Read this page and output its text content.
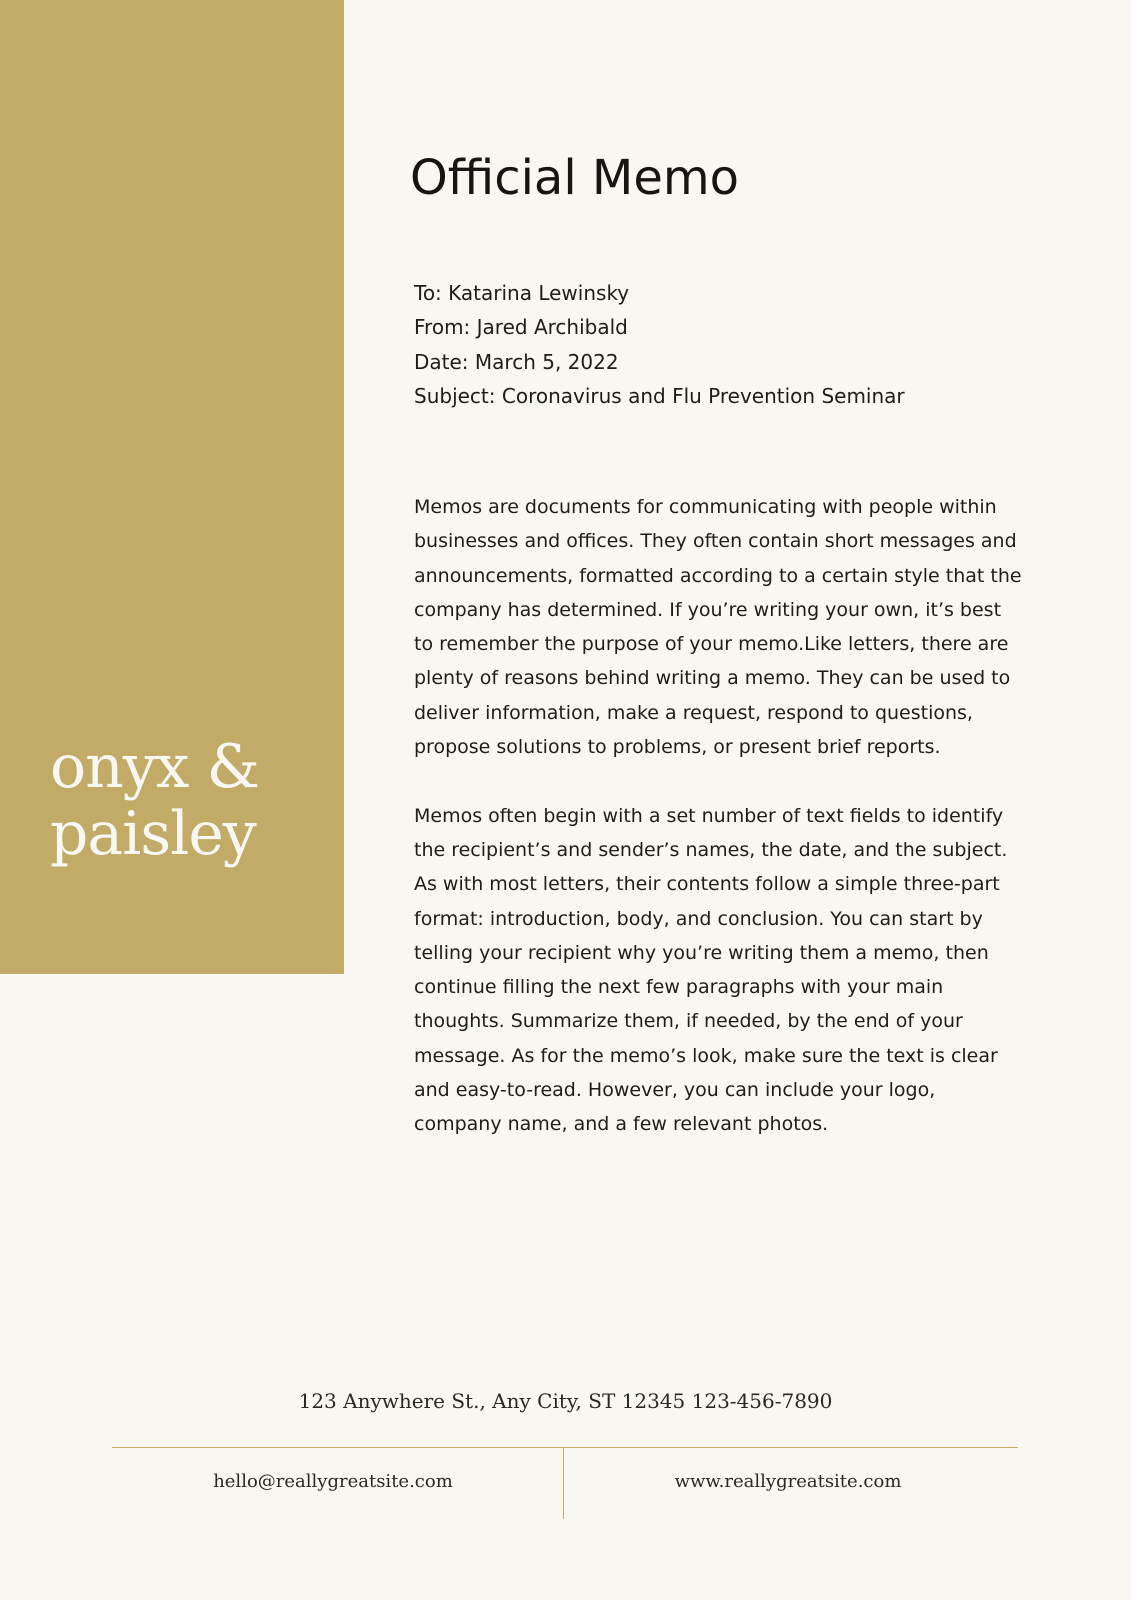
onyx &
paisley
Official Memo
To: Katarina Lewinsky
From: Jared Archibald
Date: March 5, 2022
Subject: Coronavirus and Flu Prevention Seminar

Memos are documents for communicating with people within businesses and offices. They often contain short messages and announcements, formatted according to a certain style that the company has determined. If you’re writing your own, it’s best to remember the purpose of your memo.Like letters, there are plenty of reasons behind writing a memo. They can be used to deliver information, make a request, respond to questions, propose solutions to problems, or present brief reports.

Memos often begin with a set number of text fields to identify the recipient’s and sender’s names, the date, and the subject. As with most letters, their contents follow a simple three-part format: introduction, body, and conclusion. You can start by telling your recipient why you’re writing them a memo, then continue filling the next few paragraphs with your main thoughts. Summarize them, if needed, by the end of your message. As for the memo’s look, make sure the text is clear and easy-to-read. However, you can include your logo, company name, and a few relevant photos.

123 Anywhere St., Any City, ST 12345 123-456-7890
hello@reallygreatsite.com	www.reallygreatsite.com
